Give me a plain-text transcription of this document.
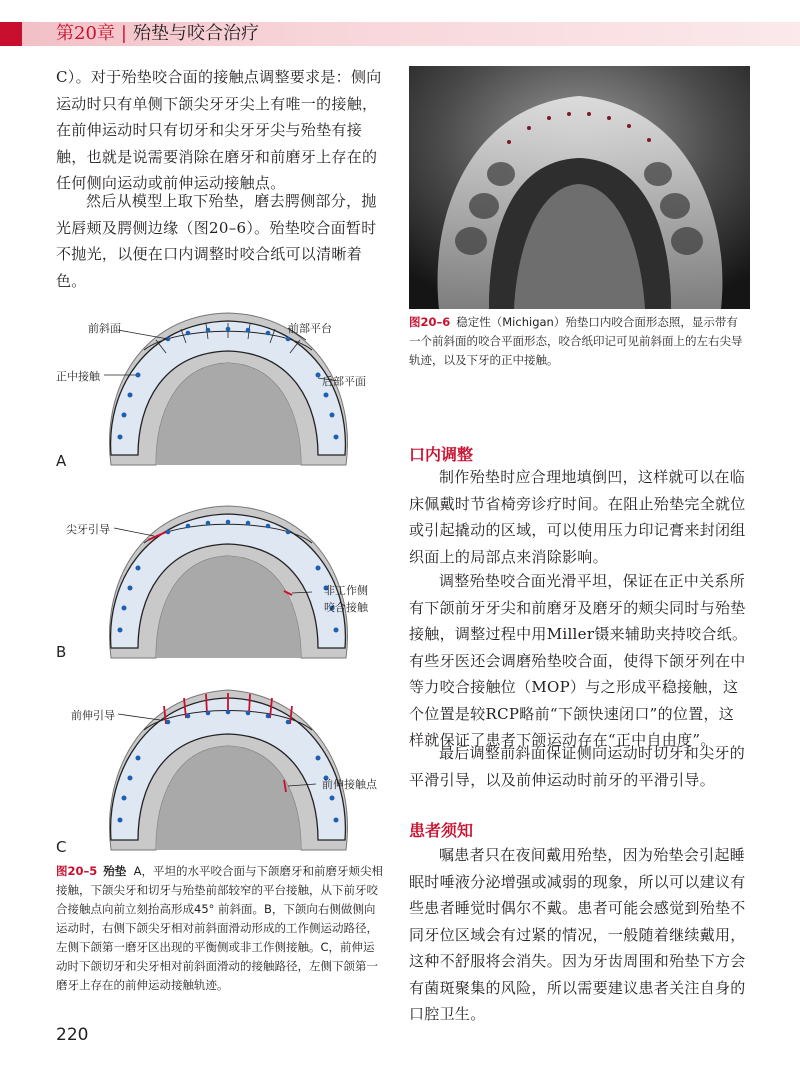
第20章 | 殆垫与咬合治疗

C）。对于殆垫咬合面的接触点调整要求是：侧向运动时只有单侧下颌尖牙牙尖上有唯一的接触，在前伸运动时只有切牙和尖牙牙尖与殆垫有接触，也就是说需要消除在磨牙和前磨牙上存在的任何侧向运动或前伸运动接触点。

然后从模型上取下殆垫，磨去腭侧部分，抛光唇颊及腭侧边缘（图20–6）。殆垫咬合面暂时不抛光，以便在口内调整时咬合纸可以清晰着色。

图20–6 稳定性（Michigan）殆垫口内咬合面形态照，显示带有一个前斜面的咬合平面形态，咬合纸印记可见前斜面上的左右尖导轨迹，以及下牙的正中接触。

前斜面	前部平台
正中接触	后部平面
A
尖牙引导
非工作侧咬合接触
B
前伸引导
前伸接触点
C

图20–5 殆垫 A，平坦的水平咬合面与下颌磨牙和前磨牙颊尖相接触，下颌尖牙和切牙与殆垫前部较窄的平台接触，从下前牙咬合接触点向前立刻抬高形成45° 前斜面。B，下颌向右侧做侧向运动时，右侧下颌尖牙相对前斜面滑动形成的工作侧运动路径，左侧下颌第一磨牙区出现的平衡侧或非工作侧接触。C，前伸运动时下颌切牙和尖牙相对前斜面滑动的接触路径，左侧下颌第一磨牙上存在的前伸运动接触轨迹。

口内调整

制作殆垫时应合理地填倒凹，这样就可以在临床佩戴时节省椅旁诊疗时间。在阻止殆垫完全就位或引起撬动的区域，可以使用压力印记膏来封闭组织面上的局部点来消除影响。

调整殆垫咬合面光滑平坦，保证在正中关系所有下颌前牙牙尖和前磨牙及磨牙的颊尖同时与殆垫接触，调整过程中用Miller镊来辅助夹持咬合纸。有些牙医还会调磨殆垫咬合面，使得下颌牙列在中等力咬合接触位（MOP）与之形成平稳接触，这个位置是较RCP略前“下颌快速闭口”的位置，这样就保证了患者下颌运动存在“正中自由度”。

最后调整前斜面保证侧向运动时切牙和尖牙的平滑引导，以及前伸运动时前牙的平滑引导。

患者须知

嘱患者只在夜间戴用殆垫，因为殆垫会引起睡眠时唾液分泌增强或减弱的现象，所以可以建议有些患者睡觉时偶尔不戴。患者可能会感觉到殆垫不同牙位区域会有过紧的情况，一般随着继续戴用，这种不舒服将会消失。因为牙齿周围和殆垫下方会有菌斑聚集的风险，所以需要建议患者关注自身的口腔卫生。

220
